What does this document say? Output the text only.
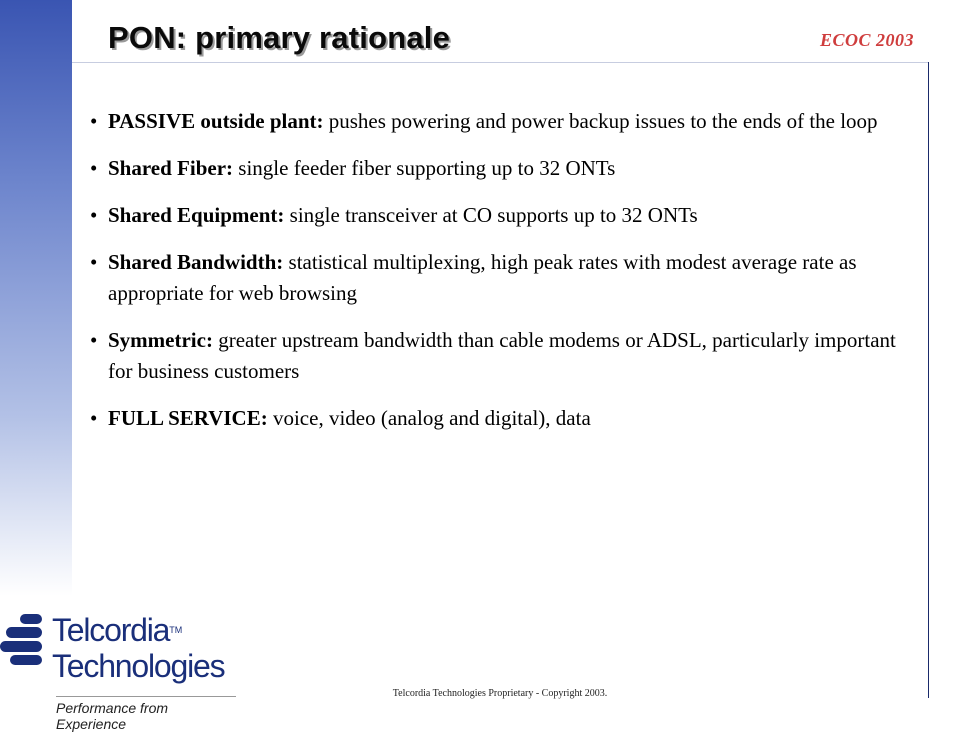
PON: primary rationale	ECOC 2003
• PASSIVE outside plant: pushes powering and power backup issues to the ends of the loop
• Shared Fiber: single feeder fiber supporting up to 32 ONTs
• Shared Equipment: single transceiver at CO supports up to 32 ONTs
• Shared Bandwidth: statistical multiplexing, high peak rates with modest average rate as appropriate for web browsing
• Symmetric: greater upstream bandwidth than cable modems or ADSL, particularly important for business customers
• FULL SERVICE: voice, video (analog and digital), data
Telcordia™
Technologies
Performance from Experience
Telcordia Technologies Proprietary - Copyright 2003.
